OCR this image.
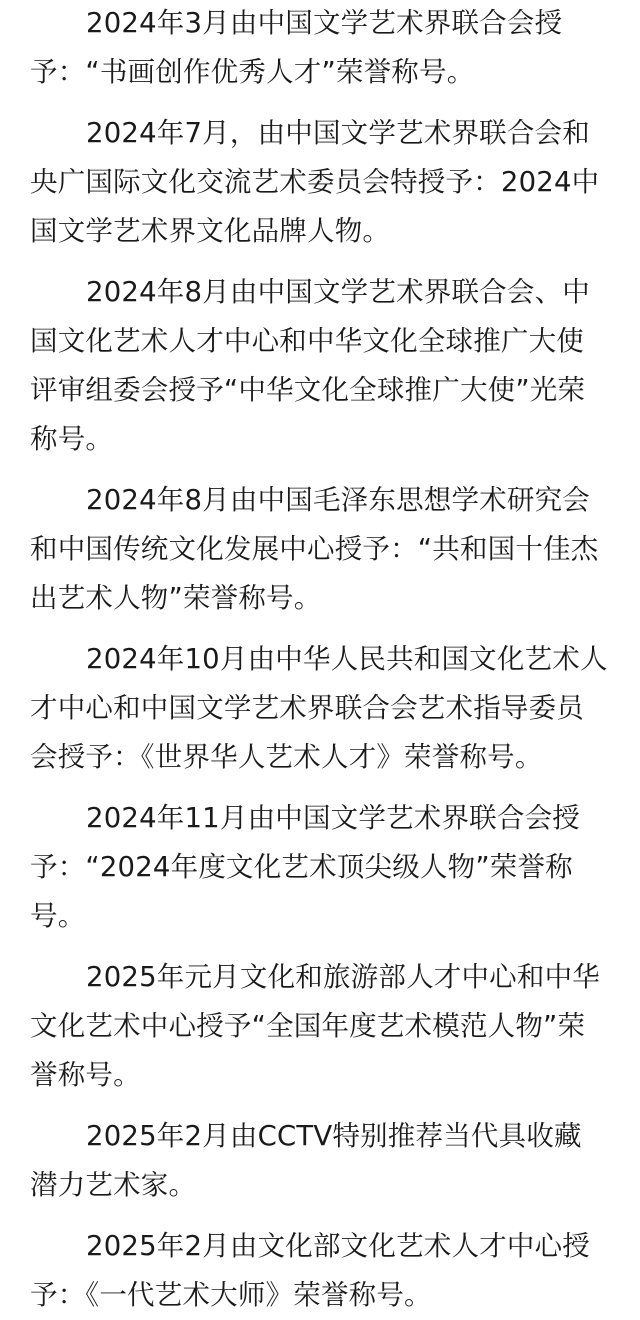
2024年3月由中国文学艺术界联合会授
予：“书画创作优秀人才”荣誉称号。
2024年7月，由中国文学艺术界联合会和
央广国际文化交流艺术委员会特授予：2024中
国文学艺术界文化品牌人物。
2024年8月由中国文学艺术界联合会、中
国文化艺术人才中心和中华文化全球推广大使
评审组委会授予“中华文化全球推广大使”光荣
称号。
2024年8月由中国毛泽东思想学术研究会
和中国传统文化发展中心授予：“共和国十佳杰
出艺术人物”荣誉称号。
2024年10月由中华人民共和国文化艺术人
才中心和中国文学艺术界联合会艺术指导委员
会授予：《世界华人艺术人才》荣誉称号。
2024年11月由中国文学艺术界联合会授
予：“2024年度文化艺术顶尖级人物”荣誉称
号。
2025年元月文化和旅游部人才中心和中华
文化艺术中心授予“全国年度艺术模范人物”荣
誉称号。
2025年2月由CCTV特别推荐当代具收藏
潜力艺术家。
2025年2月由文化部文化艺术人才中心授
予：《一代艺术大师》荣誉称号。
